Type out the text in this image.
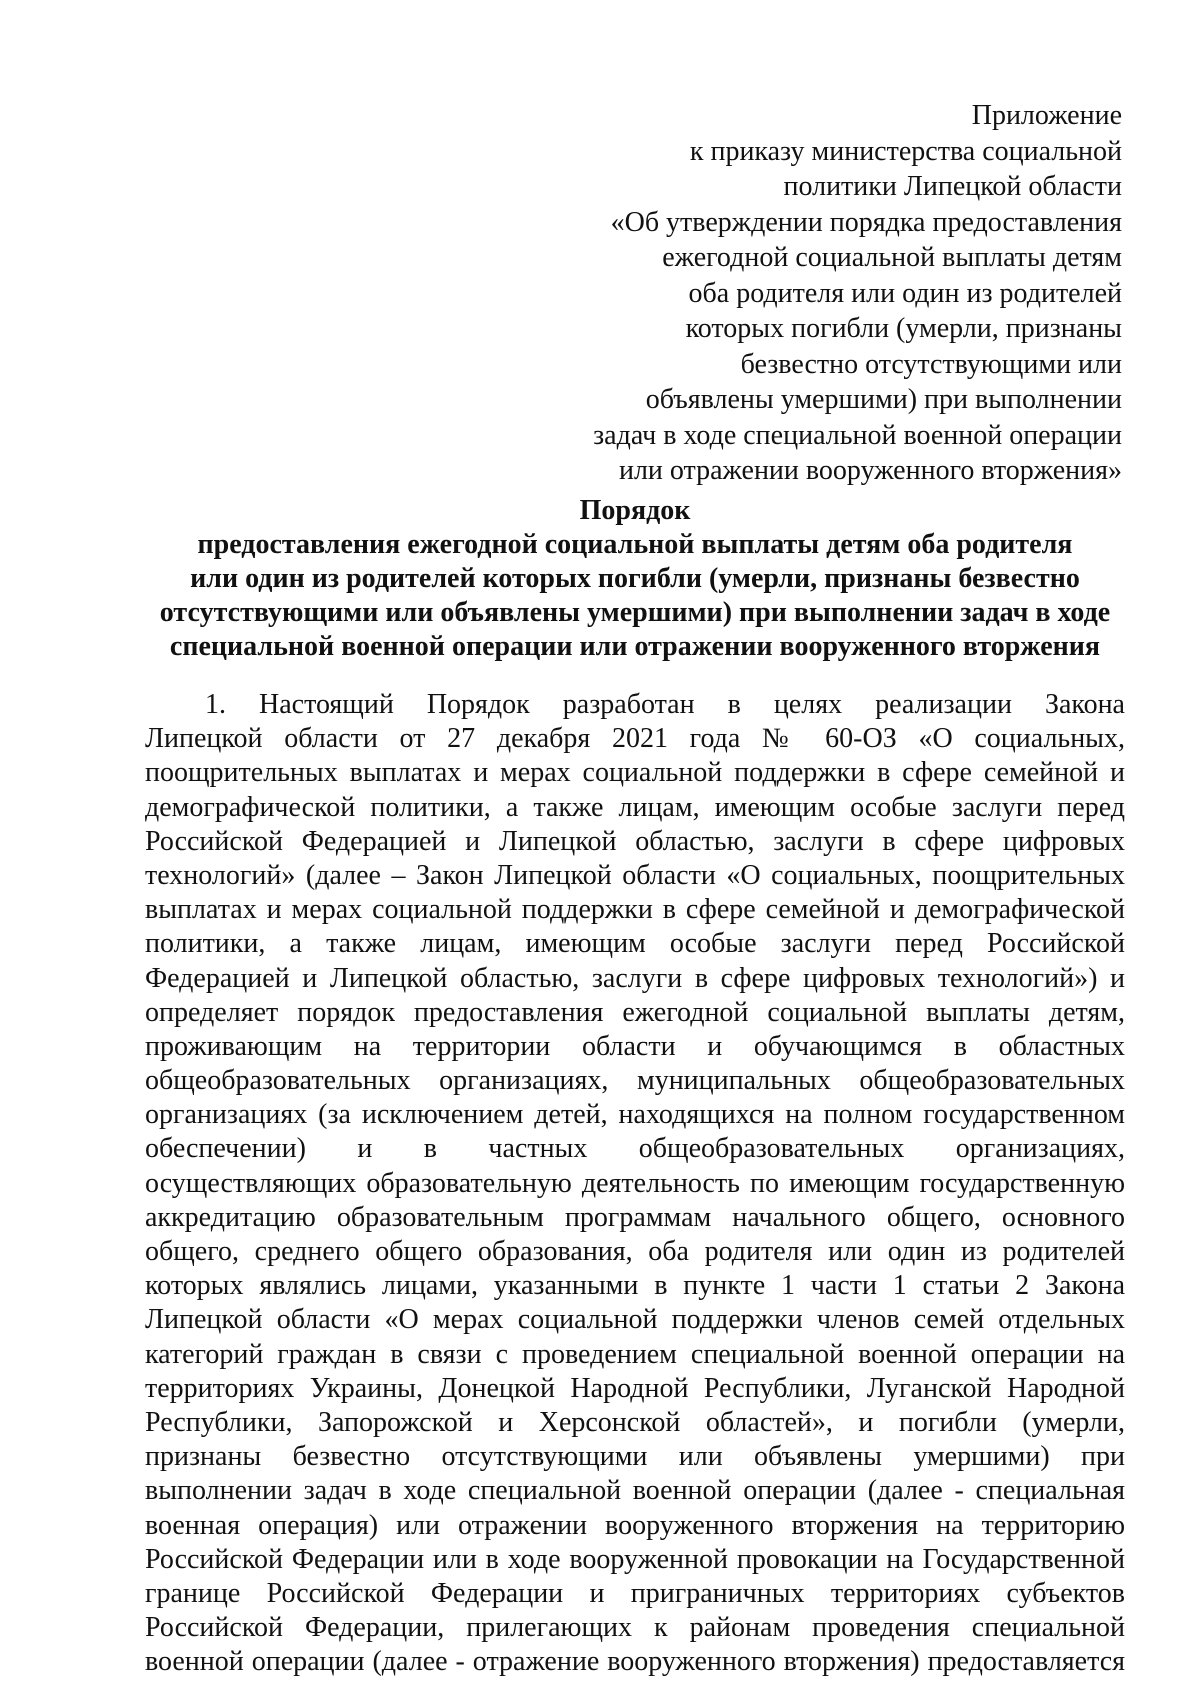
Приложение
к приказу министерства социальной
политики Липецкой области
«Об утверждении порядка предоставления
ежегодной социальной выплаты детям
оба родителя или один из родителей
которых погибли (умерли, признаны
безвестно отсутствующими или
объявлены умершими) при выполнении
задач в ходе специальной военной операции
или отражении вооруженного вторжения»
Порядок
предоставления ежегодной социальной выплаты детям оба родителя
или один из родителей которых погибли (умерли, признаны безвестно
отсутствующими или объявлены умершими) при выполнении задач в ходе
специальной военной операции или отражении вооруженного вторжения
1. Настоящий Порядок разработан в целях реализации Закона
Липецкой области от 27 декабря 2021 года № 60-ОЗ «О социальных,
поощрительных выплатах и мерах социальной поддержки в сфере семейной и
демографической политики, а также лицам, имеющим особые заслуги перед
Российской Федерацией и Липецкой областью, заслуги в сфере цифровых
технологий» (далее – Закон Липецкой области «О социальных, поощрительных
выплатах и мерах социальной поддержки в сфере семейной и демографической
политики, а также лицам, имеющим особые заслуги перед Российской
Федерацией и Липецкой областью, заслуги в сфере цифровых технологий») и
определяет порядок предоставления ежегодной социальной выплаты детям,
проживающим на территории области и обучающимся в областных
общеобразовательных организациях, муниципальных общеобразовательных
организациях (за исключением детей, находящихся на полном государственном
обеспечении) и в частных общеобразовательных организациях,
осуществляющих образовательную деятельность по имеющим государственную
аккредитацию образовательным программам начального общего, основного
общего, среднего общего образования, оба родителя или один из родителей
которых являлись лицами, указанными в пункте 1 части 1 статьи 2 Закона
Липецкой области «О мерах социальной поддержки членов семей отдельных
категорий граждан в связи с проведением специальной военной операции на
территориях Украины, Донецкой Народной Республики, Луганской Народной
Республики, Запорожской и Херсонской областей», и погибли (умерли,
признаны безвестно отсутствующими или объявлены умершими) при
выполнении задач в ходе специальной военной операции (далее - специальная
военная операция) или отражении вооруженного вторжения на территорию
Российской Федерации или в ходе вооруженной провокации на Государственной
границе Российской Федерации и приграничных территориях субъектов
Российской Федерации, прилегающих к районам проведения специальной
военной операции (далее - отражение вооруженного вторжения) предоставляется
